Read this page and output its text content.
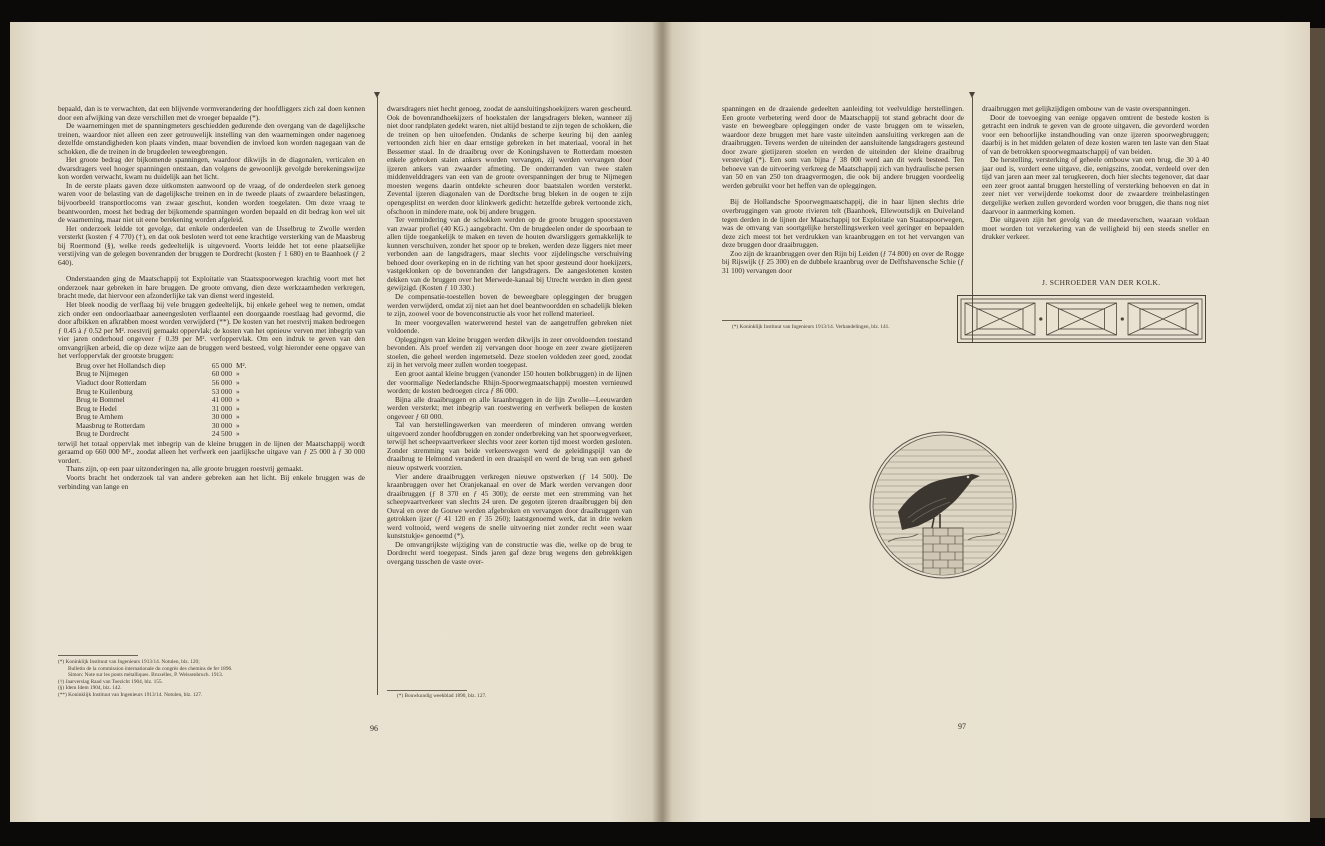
bepaald, dan is te verwachten, dat een blijvende vormverandering der hoofdliggers zich zal doen kennen door een afwijking van deze verschillen met de vroeger bepaalde (*).

De waarnemingen met de spanningmeters geschiedden gedurende den overgang van de dagelijksche treinen, waardoor niet alleen een zeer getrouwelijk instelling van den waarnemingen onder nagenoeg dezelfde omstandigheden kon plaats vinden, maar bovendien de invloed kon worden nagegaan van de schokken, die de treinen in de brugdeelen teweegbrengen.

Het groote bedrag der bijkomende spanningen, waardoor dikwijls in de diagonalen, verticalen en dwarsdragers veel hooger spanningen ontstaan, dan volgens de gewoonlijk gevolgde berekeningswijze kon worden verwacht, kwam nu duidelijk aan het licht.

In de eerste plaats gaven deze uitkomsten aanwoord op de vraag, of de onderdeelen sterk genoeg waren voor de belasting van de dagelijksche treinen en in de tweede plaats of zwaardere belastingen, bijvoorbeeld transportlocoms van zwaar geschut, konden worden toegelaten. Om deze vraag te beantwoorden, moest het bedrag der bijkomende spanningen worden bepaald en dit bedrag kon wel uit de waarneming, maar niet uit eene berekening worden afgeleid.

Het onderzoek leidde tot gevolge, dat enkele onderdeelen van de IJsselbrug te Zwolle werden versterkt (kosten ƒ 4 770) (†), en dat ook besloten werd tot eene krachtige versterking van de Maasbrug bij Roermond (§), welke reeds gedeeltelijk is uitgevoerd. Voorts leidde het tot eene plaatselijke verstijving van de gelegen bovenranden der bruggen te Dordrecht (kosten ƒ 1 680) en te Baanhoek (ƒ 2 640).

Onderstaanden ging de Maatschappij tot Exploitatie van Staatsspoorwegen krachtig voort met het onderzoek naar gebreken in hare bruggen. De groote omvang, dien deze werkzaamheden verkregen, bracht mede, dat hiervoor een afzonderlijke tak van dienst werd ingesteld.

Het bleek noodig de verflaag bij vele bruggen gedeeltelijk, bij enkele geheel weg te nemen, omdat zich onder een ondoorlaatbaar aaneengesloten verflaantel een doorgaande roestlaag had gevormd, die door afbikken en afkrabben moest worden verwijderd (**). De kosten van het roestvrij maken bedroegen ƒ 0.45 à ƒ 0.52 per M². roestvrij gemaakt oppervlak; de kosten van het opnieuw verven met inbegrip van vier jaren onderhoud ongeveer ƒ 0.39 per M². verfoppervlak. Om een indruk te geven van den omvangrijken arbeid, die op deze wijze aan de bruggen werd besteed, volgt hieronder eene opgave van het verfoppervlak der grootste bruggen:

Brug over het Hollandsch diep	65 000 M².
Brug te Nijmegen	60 000 »
Viaduct door Rotterdam	56 000 »
Brug te Kuilenburg	53 000 »
Brug te Bommel	41 000 »
Brug te Hedel	31 000 »
Brug te Arnhem	30 000 »
Maasbrug te Rotterdam	30 000 »
Brug te Dordrecht	24 500 »

terwijl het totaal oppervlak met inbegrip van de kleine bruggen in de lijnen der Maatschappij wordt geraamd op 660 000 M²., zoodat alleen het verfwerk een jaarlijksche uitgave van ƒ 25 000 à ƒ 30 000 vordert.

Thans zijn, op een paar uitzonderingen na, alle groote bruggen roestvrij gemaakt.

Voorts bracht het onderzoek tal van andere gebreken aan het licht. Bij enkele bruggen was de verbinding van lange en

(*) Koninklijk Instituut van Ingenieurs 1913/14. Notulen, blz. 120;
Bulletin de la commission internationale du congrès des chemins de fer 1896.
Simon: Note sur les ponts métalliques. Bruxelles, P. Weissenbruch. 1913.
(†) Jaarverslag Raad van Toezicht 1904, blz. 155.
(§) Idem Idem 1904, blz. 142.
(**) Koninklijk Instituut van Ingenieurs 1913/14. Notulen, blz. 127.

dwarsdragers niet hecht genoeg, zoodat de aansluitingshoekijzers waren gescheurd. Ook de bovenrandhoekijzers of hoekstalen der langsdragers bleken, wanneer zij niet door randplaten gedekt waren, niet altijd bestand te zijn tegen de schokken, die de treinen op hen uitoefenden. Ondanks de scherpe keuring bij den aanleg vertoonden zich hier en daar ernstige gebreken in het materiaal, vooral in het Bessemer staal. In de draaibrug over de Koningshaven te Rotterdam moesten enkele gebroken stalen ankers worden vervangen, zij werden vervangen door ijzeren ankers van zwaarder afmeting. De onderranden van twee stalen middenvelddragers van een van de groote overspanningen der brug te Nijmegen moesten wegens daarin ontdekte scheuren door baatstalen worden versterkt. Zevental ijzeren diagonalen van de Dordtsche brug bleken in de oogen te zijn opengesplitst en werden door klinkwerk gedicht: hetzelfde gebrek vertoonde zich, ofschoon in mindere mate, ook bij andere bruggen.

Ter vermindering van de schokken werden op de groote bruggen spoorstaven van zwaar profiel (40 KG.) aangebracht. Om de brugdeelen onder de spoorbaan te allen tijde toegankelijk te maken en teven de houten dwarsliggers gemakkelijk te kunnen verschuiven, zonder het spoor op te breken, werden deze liggers niet meer verbonden aan de langsdragers, maar slechts voor zijdelingsche verschuiving behoed door overkeping en in de richting van het spoor gesteund door hoekijzers, vastgeklonken op de bovenranden der langsdragers. De aangeslotenen kosten dekken van de bruggen over het Merwede-kanaal bij Utrecht werden in dien geest gewijzigd. (Kosten ƒ 10 330.)

De compensatie-toestellen boven de beweegbare opleggingen der bruggen werden verwijderd, omdat zij niet aan het doel beantwoordden en schadelijk bleken te zijn, zoowel voor de bovenconstructie als voor het rollend materieel.

In meer voorgevallen waterwerend hestel van de aangetruffen gebreken niet voldoende.

Opleggingen van kleine bruggen werden dikwijls in zeer onvoldoenden toestand bevonden. Als proef werden zij vervangen door hooge en zeer zware gietijzeren stoelen, die geheel werden ingemetseld. Deze stoelen voldeden zeer goed, zoodat zij in het vervolg meer zullen worden toegepast.

Een groot aantal kleine bruggen (vanonder 150 houten bolkbruggen) in de lijnen der voormalige Nederlandsche Rhijn-Spoorwegmaatschappij moesten vernieuwd worden; de kosten bedroegen circa ƒ 86 000.

Bijna alle draaibruggen en alle kraanbruggen in de lijn Zwolle—Leeuwarden werden versterkt; met inbegrip van roestwering en verfwerk beliepen de kosten ongeveer ƒ 60 000.

Tal van herstellingswerken van meerderen of minderen omvang werden uitgevoerd zonder hoofdbruggen en zonder onderbreking van het spoorwegverkeer, terwijl het scheepvaartverkeer slechts voor zeer korten tijd moest worden gesloten. Zonder stremming van beide verkeerswegen werd de geleidingspijl van de draaibrug te Helmond veranderd in een draaispil en werd de brug van een geheel nieuw opstwerk voorzien.

Vier andere draaibruggen verkregen nieuwe opstwerken (ƒ 14 500). De kraanbruggen over het Oranjekanaal en over de Mark werden vervangen door draaibruggen (ƒ 8 370 en ƒ 45 300); de eerste met een stremming van het scheepvaartverkeer van slechts 24 uren. De gegoten ijzeren draaibruggen bij den Ouval en over de Gouwe werden afgebroken en vervangen door draaibruggen van getrokken ijzer (ƒ 41 120 en ƒ 35 260); laatstgenoemd werk, dat in drie weken werd voltooid, werd wegens de snelle uitvoering niet zonder recht »een waar kunststukje« genoemd (*).

De omvangrijkste wijziging van de constructie was die, welke op de brug te Dordrecht werd toegepast. Sinds jaren gaf deze brug wegens den gebrekkigen overgang tusschen de vaste over-

(*) Bouwkundig weekblad 1890, blz. 127.
96

spanningen en de draaiende gedeelten aanleiding tot veelvuldige herstellingen. Een groote verbetering werd door de Maatschappij tot stand gebracht door de vaste en beweegbare opleggingen onder de vaste bruggen om te wisselen, waardoor deze bruggen met hare vaste uiteinden aansluiting verkregen aan de draaibruggen. Tevens werden de uiteinden der aansluitende langsdragers gesteund door zware gietijzeren stoelen en werden de uiteinden der kleine draaibrug verstevigd (*). Een som van bijna ƒ 38 000 werd aan dit werk besteed. Ten behoeve van de uitvoering verkreeg de Maatschappij zich van hydraulische persen van 50 en van 250 ton draagvermogen, die ook bij andere bruggen voordeelig werden gebruikt voor het heffen van de opleggingen.

Bij de Hollandsche Spoorwegmaatschappij, die in haar lijnen slechts drie overbruggingen van groote rivieren telt (Baanhoek, Ellewoutsdijk en Duiveland tegen derden in de lijnen der Maatschappij tot Exploitatie van Staatsspoorwegen, was de omvang van soortgelijke herstellingswerken veel geringer en bepaalden deze zich meest tot het verdrukken van kraanbruggen en tot het vervangen van deze bruggen door draaibruggen.

Zoo zijn de kraanbruggen over den Rijn bij Leiden (ƒ 74 800) en over de Rogge bij Rijswijk (ƒ 25 300) en de dubbele kraanbrug over de Delftshavensche Schie (ƒ 31 100) vervangen door

(*) Koninklijk Instituut van Ingenieurs 1913/14. Verhandelingen, blz. 141.

draaibruggen met gelijkzijdigen ombouw van de vaste overspanningen.

Door de toevoeging van eenige opgaven omtrent de bestede kosten is getracht een indruk te geven van de groote uitgaven, die gevorderd worden voor een behoorlijke instandhouding van onze ijzeren spoorwegbruggen; daarbij is in het midden gelaten of deze kosten waren ten laste van den Staat of van de betrokken spoorwegmaatschappij of van beiden.

De herstelling, versterking of geheele ombouw van een brug, die 30 à 40 jaar oud is, vordert eene uitgave, die, eenigszins, zoodat, verdeeld over den tijd van jaren aan meer zal terugkeeren, doch hier slechts tegenover, dat daar een zeer groot aantal bruggen herstelling of versterking behoeven en dat in zeer niet ver verwijderde toekomst door de zwaardere treinbelastingen dergelijke werken zullen gevorderd worden voor bruggen, die thans nog niet daarvoor in aanmerking komen.

Die uitgaven zijn het gevolg van de meedaverschen, waaraan voldaan moet worden tot verzekering van de veiligheid bij een steeds sneller en drukker verkeer.

J. SCHROEDER VAN DER KOLK.
97
